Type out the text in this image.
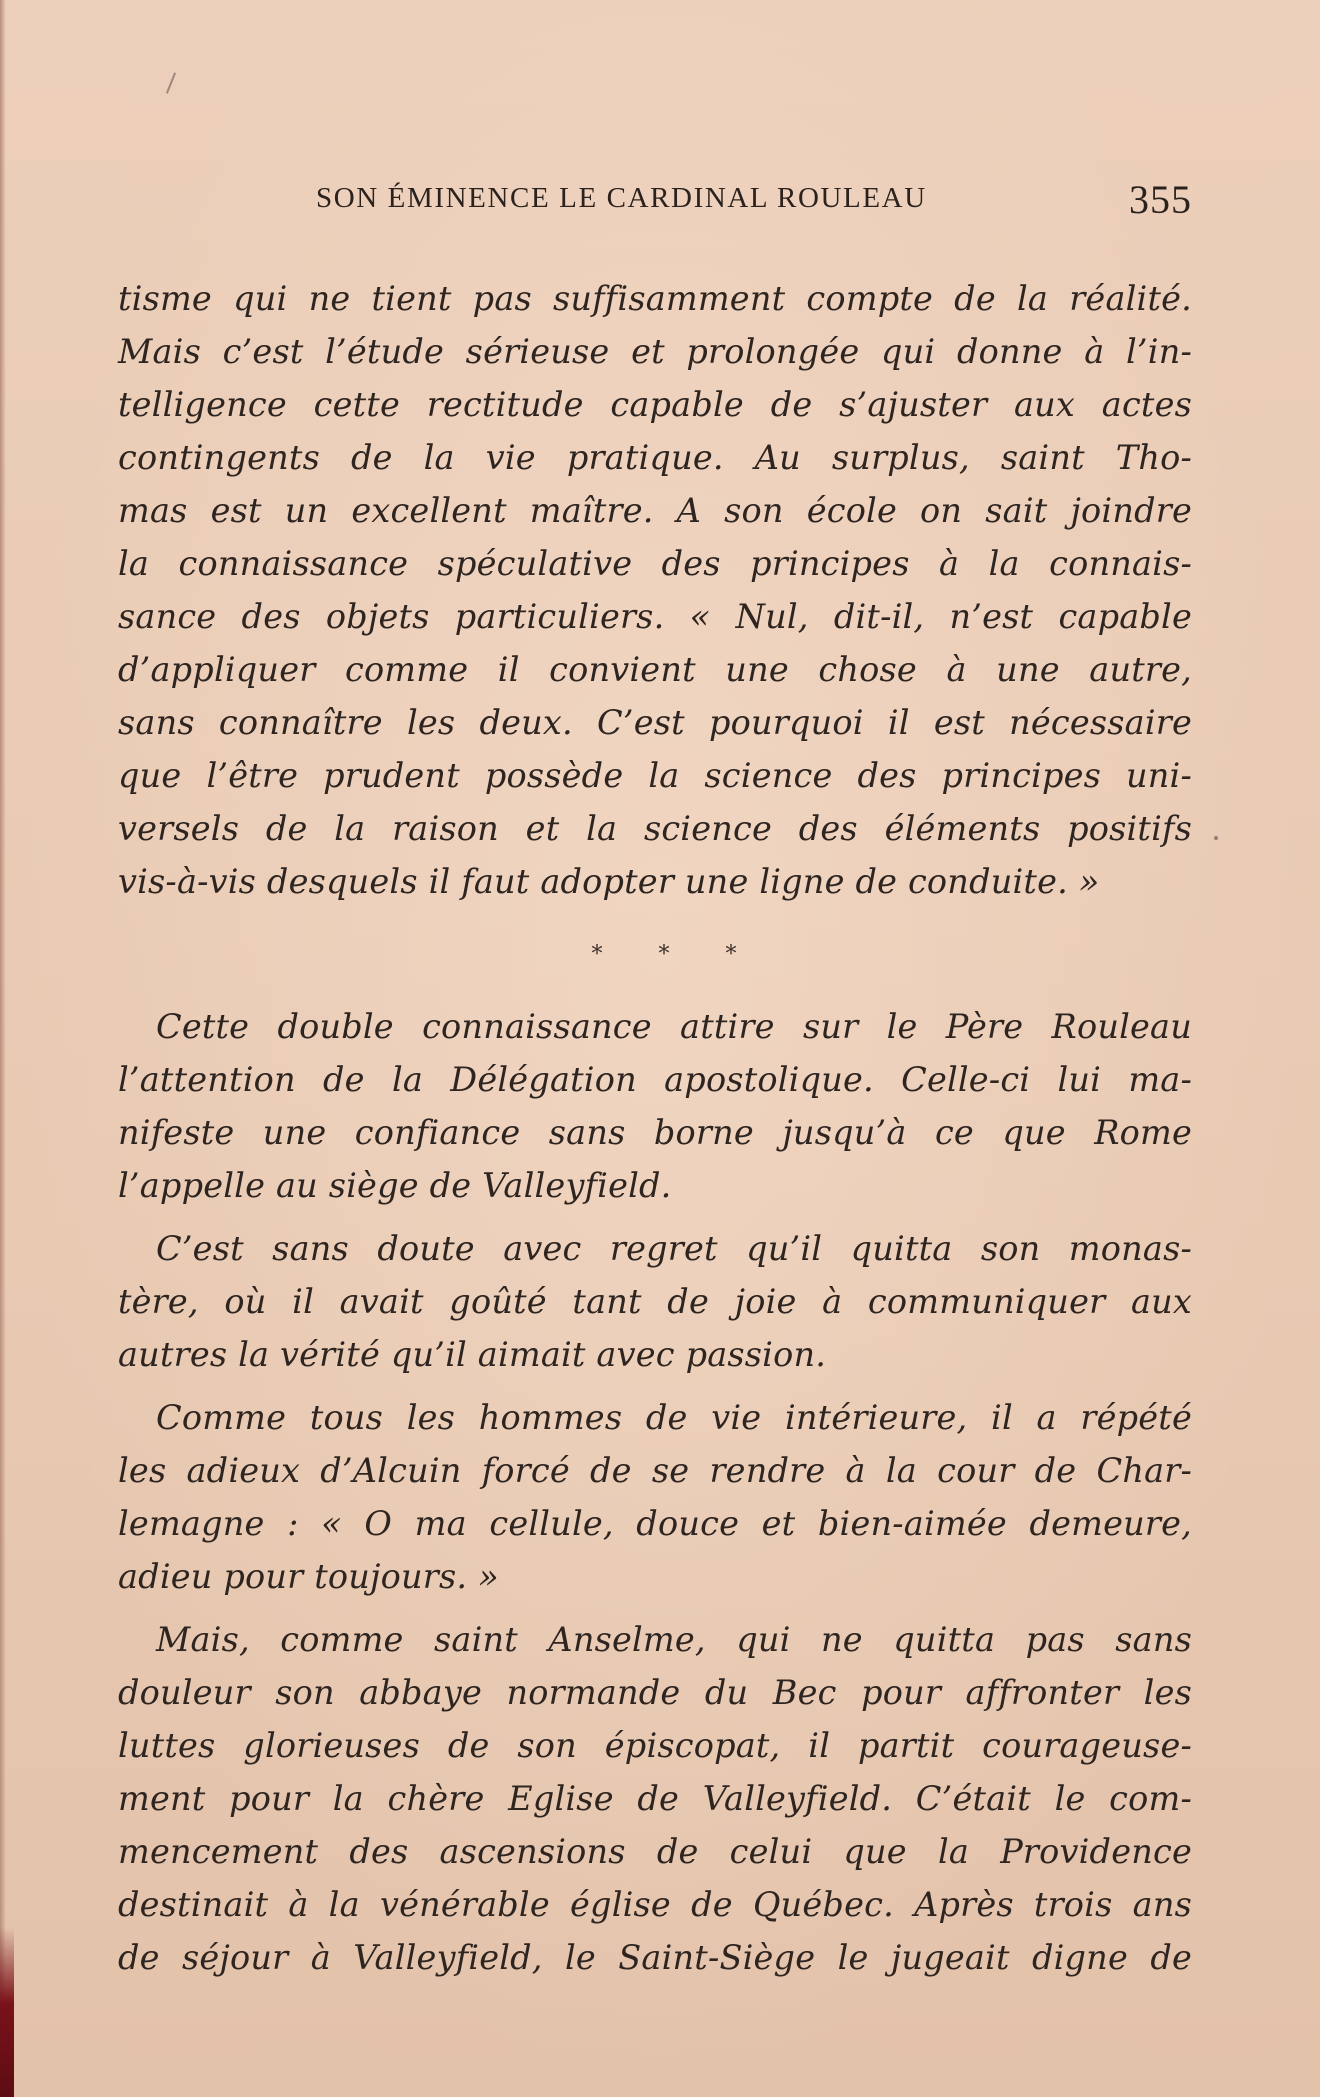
SON ÉMINENCE LE CARDINAL ROULEAU	355
tisme qui ne tient pas suffisamment compte de la réalité.
Mais c’est l’étude sérieuse et prolongée qui donne à l’in-
telligence cette rectitude capable de s’ajuster aux actes
contingents de la vie pratique. Au surplus, saint Tho-
mas est un excellent maître. A son école on sait joindre
la connaissance spéculative des principes à la connais-
sance des objets particuliers. « Nul, dit-il, n’est capable
d’appliquer comme il convient une chose à une autre,
sans connaître les deux. C’est pourquoi il est nécessaire
que l’être prudent possède la science des principes uni-
versels de la raison et la science des éléments positifs
vis-à-vis desquels il faut adopter une ligne de conduite. »
*	*	*
Cette double connaissance attire sur le Père Rouleau
l’attention de la Délégation apostolique. Celle-ci lui ma-
nifeste une confiance sans borne jusqu’à ce que Rome
l’appelle au siège de Valleyfield.
C’est sans doute avec regret qu’il quitta son monas-
tère, où il avait goûté tant de joie à communiquer aux
autres la vérité qu’il aimait avec passion.
Comme tous les hommes de vie intérieure, il a répété
les adieux d’Alcuin forcé de se rendre à la cour de Char-
lemagne : « O ma cellule, douce et bien-aimée demeure,
adieu pour toujours. »
Mais, comme saint Anselme, qui ne quitta pas sans
douleur son abbaye normande du Bec pour affronter les
luttes glorieuses de son épiscopat, il partit courageuse-
ment pour la chère Eglise de Valleyfield. C’était le com-
mencement des ascensions de celui que la Providence
destinait à la vénérable église de Québec. Après trois ans
de séjour à Valleyfield, le Saint-Siège le jugeait digne de
